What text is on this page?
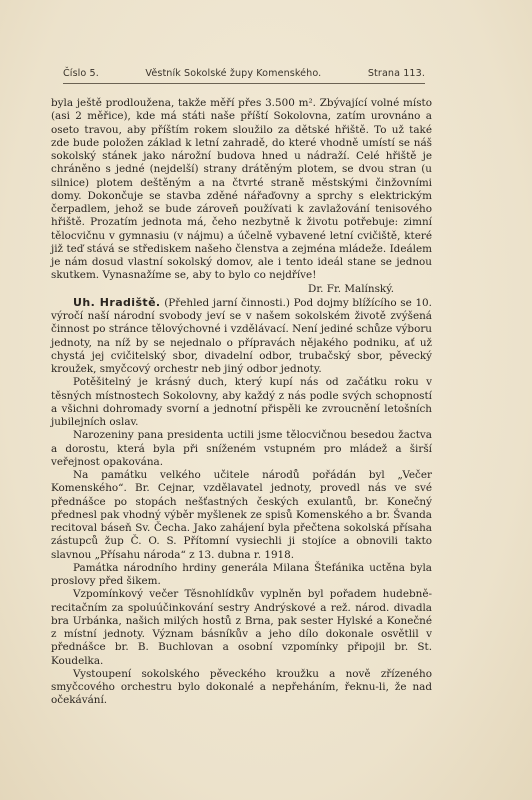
Číslo 5.	Věstník Sokolské župy Komenského.	Strana 113.

byla ještě prodloužena, takže měří přes 3.500 m². Zbývající volné místo (asi 2 měřice), kde má státi naše příští Sokolovna, zatím urovnáno a oseto travou, aby příštím rokem sloužilo za dětské hřiště. To už také zde bude položen základ k letní zahradě, do které vhodně umístí se náš sokolský stánek jako nárožní budova hned u nádraží. Celé hřiště je chráněno s jedné (nejdelší) strany drátěným plotem, se dvou stran (u silnice) plotem deštěným a na čtvrté straně městskými činžovními domy. Dokončuje se stavba zděné nářaďovny a sprchy s elektrickým čerpadlem, jehož se bude zároveň používati k zavlažování tenisového hřiště. Prozatím jednota má, čeho nezbytně k životu potřebuje: zimní tělocvičnu v gymnasiu (v nájmu) a účelně vybavené letní cvičiště, které již teď stává se střediskem našeho členstva a zejména mládeže. Ideálem je nám dosud vlastní sokolský domov, ale i tento ideál stane se jednou skutkem. Vynasnažíme se, aby to bylo co nejdříve!

Dr. Fr. Malínský.

Uh. Hradiště. (Přehled jarní činnosti.) Pod dojmy blížícího se 10. výročí naší národní svobody jeví se v našem sokolském životě zvýšená činnost po stránce tělovýchovné i vzdělávací. Není jediné schůze výboru jednoty, na níž by se nejednalo o přípravách nějakého podniku, ať už chystá jej cvičitelský sbor, divadelní odbor, trubačský sbor, pěvecký kroužek, smyčcový orchestr neb jiný odbor jednoty.

Potěšitelný je krásný duch, který kupí nás od začátku roku v těsných místnostech Sokolovny, aby každý z nás podle svých schopností a všichni dohromady svorní a jednotní přispěli ke zvroucnění letošních jubilejních oslav.

Narozeniny pana presidenta uctili jsme tělocvičnou besedou žactva a dorostu, která byla při sníženém vstupném pro mládež a širší veřejnost opakována.

Na památku velkého učitele národů pořádán byl „Večer Komenského“. Br. Cejnar, vzdělavatel jednoty, provedl nás ve své přednášce po stopách nešťastných českých exulantů, br. Konečný přednesl pak vhodný výběr myšlenek ze spisů Komenského a br. Švanda recitoval báseň Sv. Čecha. Jako zahájení byla přečtena sokolská přísaha zástupců žup Č. O. S. Přítomní vysiechli ji stojíce a obnovili takto slavnou „Přísahu národa“ z 13. dubna r. 1918.

Památka národního hrdiny generála Milana Štefánika uctěna byla proslovy před šikem.

Vzpomínkový večer Těsnohlídkův vyplněn byl pořadem hudebně-recitačním za spoluúčinkování sestry Andrýskové a rež. národ. divadla bra Urbánka, našich milých hostů z Brna, pak sester Hylské a Konečné z místní jednoty. Význam básníkův a jeho dílo dokonale osvětlil v přednášce br. B. Buchlovan a osobní vzpomínky připojil br. St. Koudelka.

Vystoupení sokolského pěveckého kroužku a nově zřízeného smyčcového orchestru bylo dokonalé a nepřeháním, řeknu-li, že nad očekávání.
